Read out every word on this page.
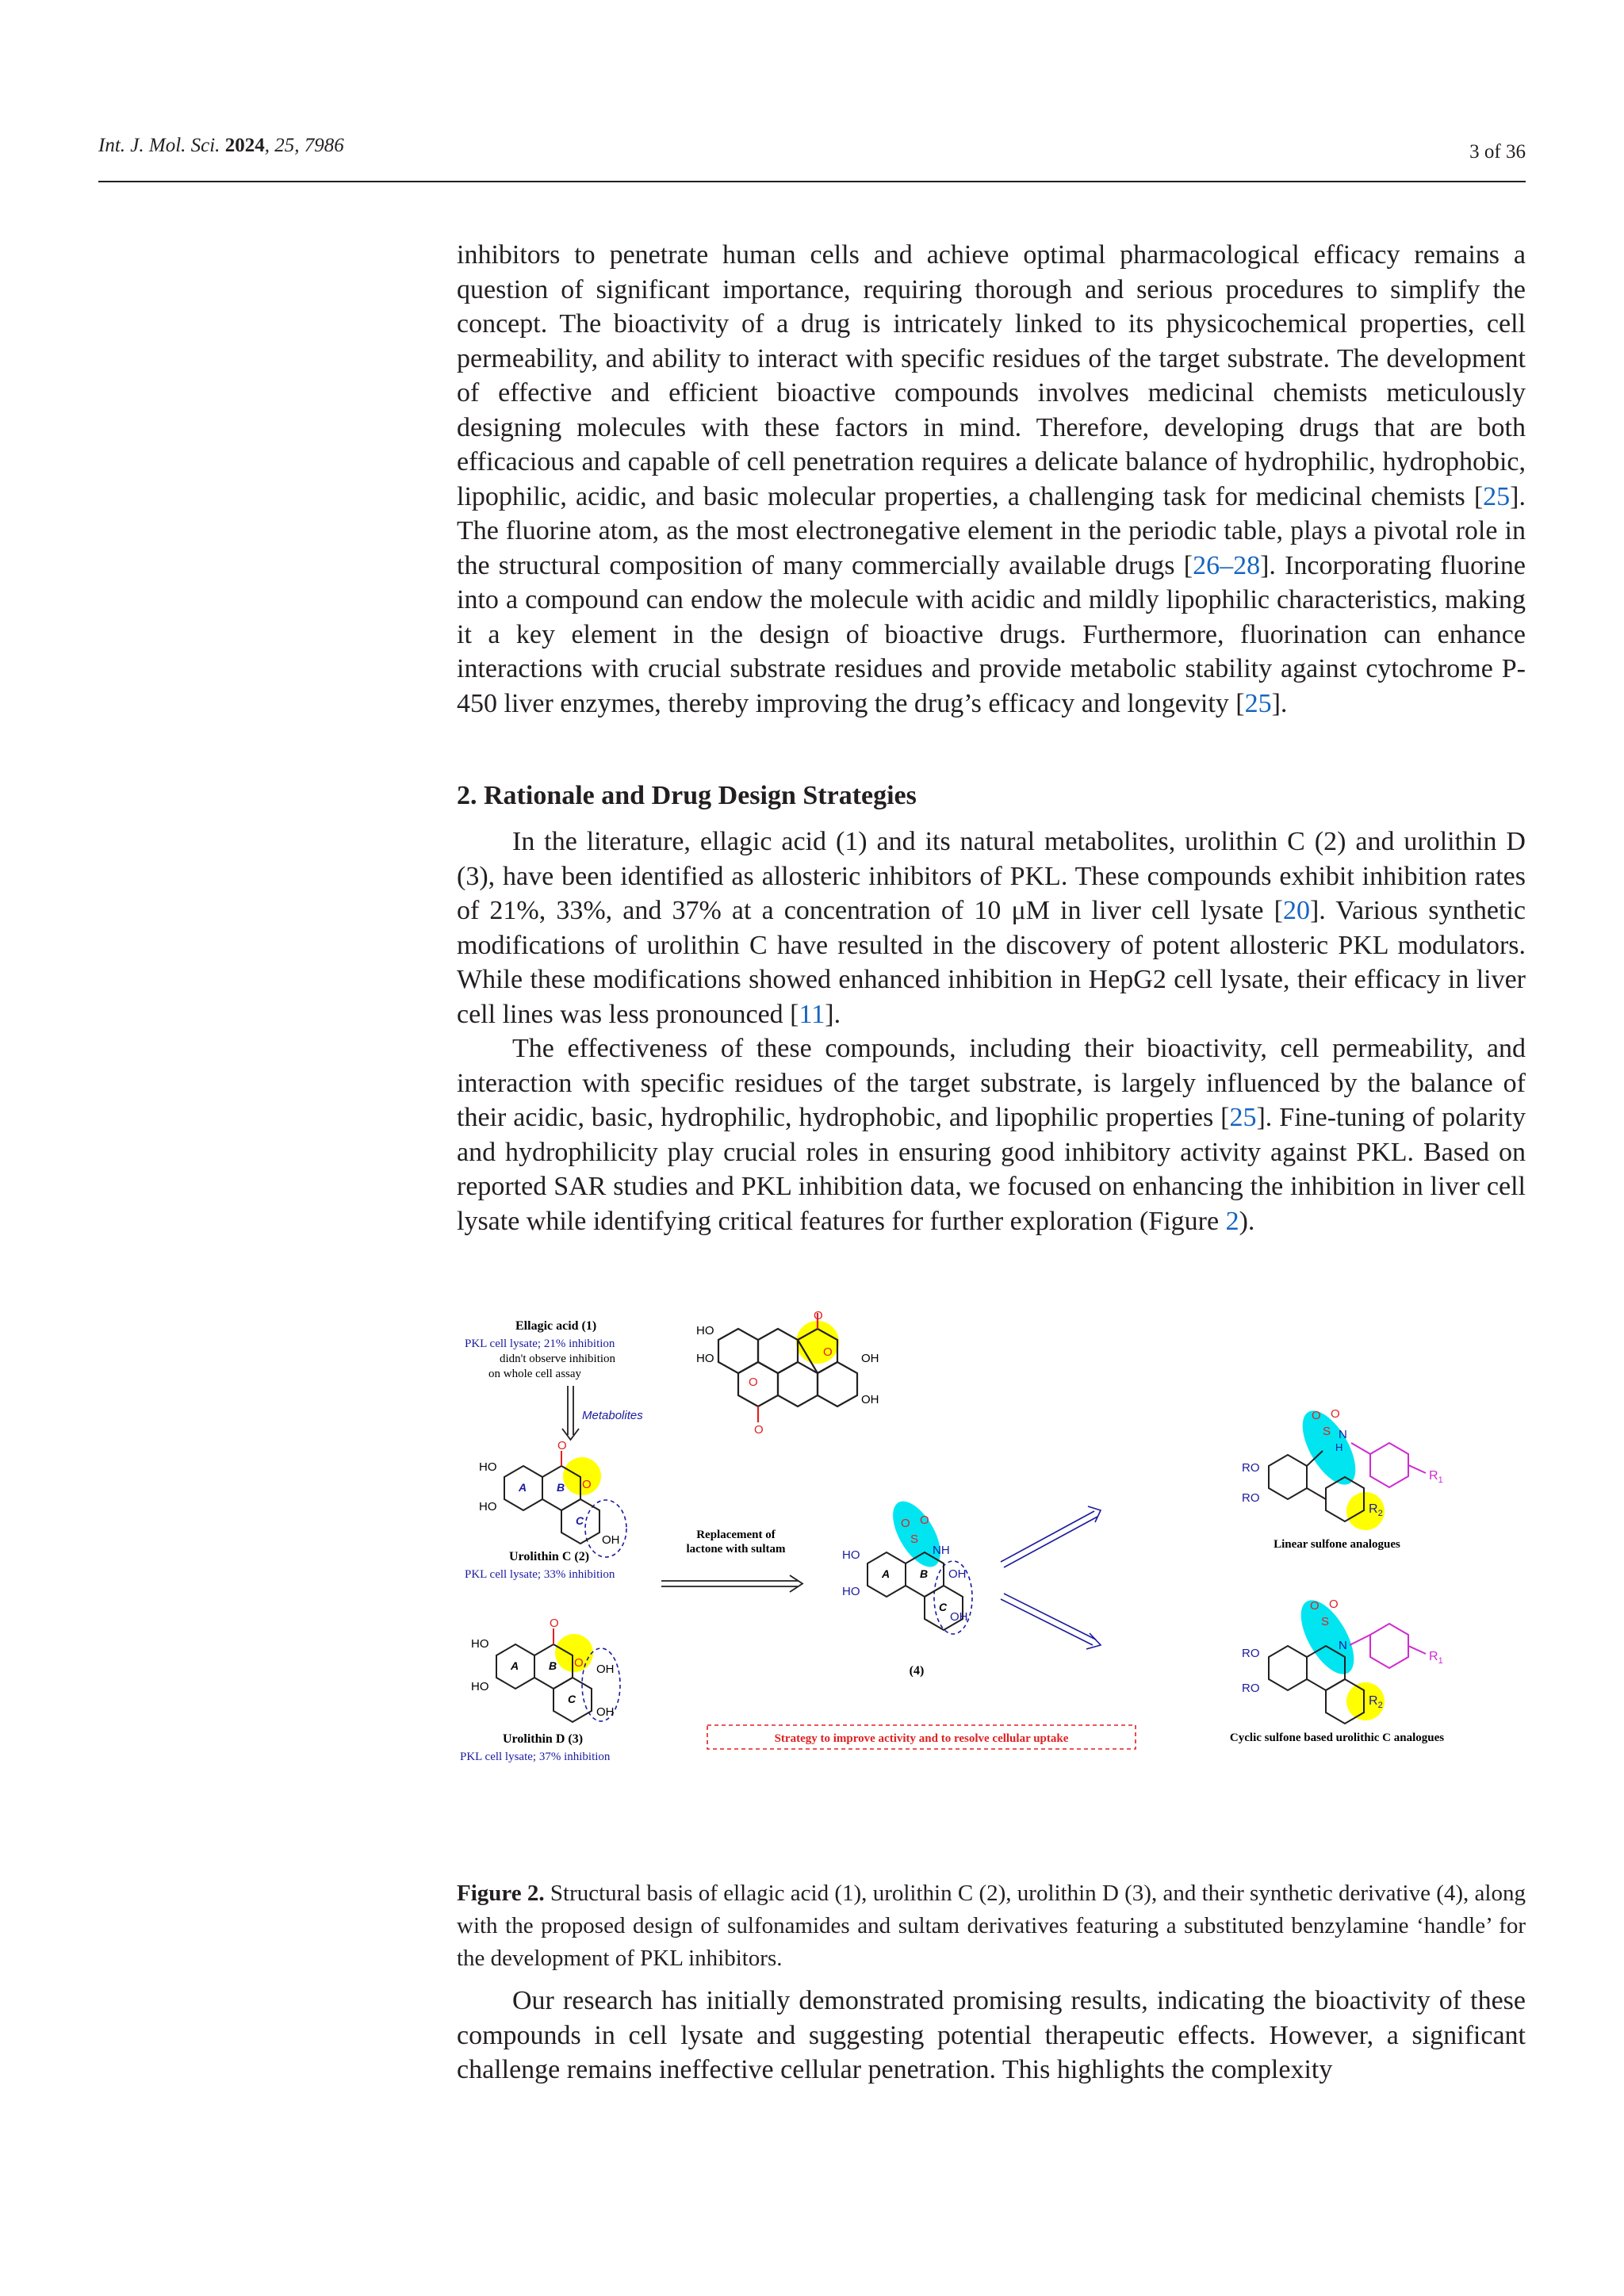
Int. J. Mol. Sci. 2024, 25, 7986	3 of 36

inhibitors to penetrate human cells and achieve optimal pharmacological efficacy remains a question of significant importance, requiring thorough and serious procedures to simplify the concept. The bioactivity of a drug is intricately linked to its physicochemical properties, cell permeability, and ability to interact with specific residues of the target substrate. The development of effective and efficient bioactive compounds involves medicinal chemists meticulously designing molecules with these factors in mind. Therefore, developing drugs that are both efficacious and capable of cell penetration requires a delicate balance of hydrophilic, hydrophobic, lipophilic, acidic, and basic molecular properties, a challenging task for medicinal chemists [25]. The fluorine atom, as the most electronegative element in the periodic table, plays a pivotal role in the structural composition of many commercially available drugs [26–28]. Incorporating fluorine into a compound can endow the molecule with acidic and mildly lipophilic characteristics, making it a key element in the design of bioactive drugs. Furthermore, fluorination can enhance interactions with crucial substrate residues and provide metabolic stability against cytochrome P-450 liver enzymes, thereby improving the drug’s efficacy and longevity [25].

2. Rationale and Drug Design Strategies

In the literature, ellagic acid (1) and its natural metabolites, urolithin C (2) and urolithin D (3), have been identified as allosteric inhibitors of PKL. These compounds exhibit inhibition rates of 21%, 33%, and 37% at a concentration of 10 μM in liver cell lysate [20]. Various synthetic modifications of urolithin C have resulted in the discovery of potent allosteric PKL modulators. While these modifications showed enhanced inhibition in HepG2 cell lysate, their efficacy in liver cell lines was less pronounced [11].

The effectiveness of these compounds, including their bioactivity, cell permeability, and interaction with specific residues of the target substrate, is largely influenced by the balance of their acidic, basic, hydrophilic, hydrophobic, and lipophilic properties [25]. Fine-tuning of polarity and hydrophilicity play crucial roles in ensuring good inhibitory activity against PKL. Based on reported SAR studies and PKL inhibition data, we focused on enhancing the inhibition in liver cell lysate while identifying critical features for further exploration (Figure 2).

HO
HO	OH
OH
O
O
O
O
Ellagic acid (1)
PKL cell lysate; 21% inhibition
didn't observe inhibition
on whole cell assay
Metabolites
HO
HO
OH
O
O
A	B
C
Urolithin C (2)
PKL cell lysate; 33% inhibition
HO
HO
OH
OH
O
O
A	B
C
Urolithin D (3)
PKL cell lysate; 37% inhibition
Replacement of
lactone with sultam	HO
HO
OH
OH
S
O O
NH
A	B
C
(4)
Strategy to improve activity and to resolve cellular uptake
RO
RO
S
O O
N
H
$R_1$
$R_2$
Linear sulfone analogues
RO
RO
S
O O
N
$R_1$
$R_2$
Cyclic sulfone based urolithic C analogues
Figure 2. Structural basis of ellagic acid (1), urolithin C (2), urolithin D (3), and their synthetic derivative (4), along with the proposed design of sulfonamides and sultam derivatives featuring a substituted benzylamine ‘handle’ for the development of PKL inhibitors.

Our research has initially demonstrated promising results, indicating the bioactivity of these compounds in cell lysate and suggesting potential therapeutic effects. However, a significant challenge remains ineffective cellular penetration. This highlights the complexity
